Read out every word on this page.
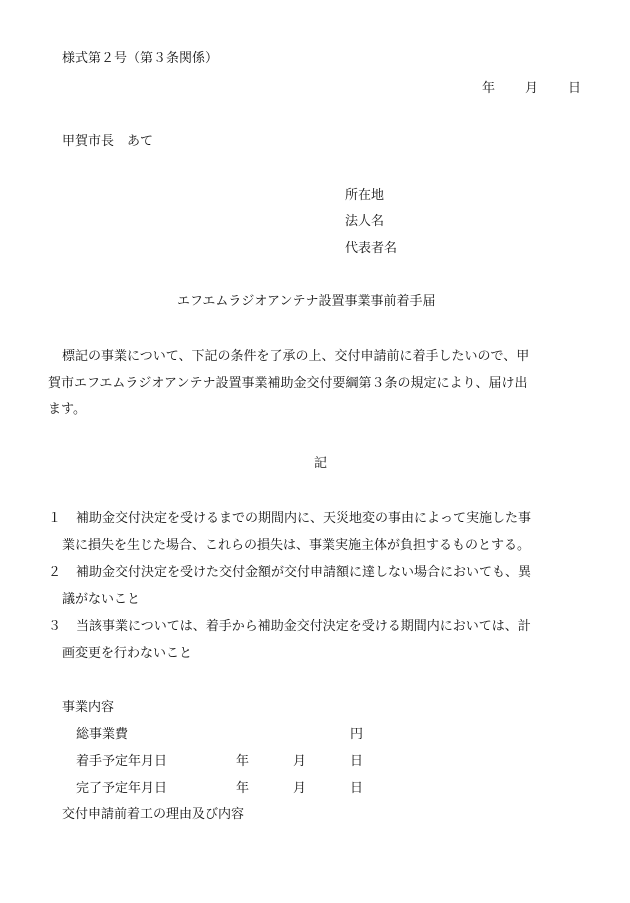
様式第２号（第３条関係）
年 月 日
甲賀市長　あて
所在地
法人名
代表者名
エフエムラジオアンテナ設置事業事前着手届
標記の事業について、下記の条件を了承の上、交付申請前に着手したいので、甲
賀市エフエムラジオアンテナ設置事業補助金交付要綱第３条の規定により、届け出
ます。
記
１ 補助金交付決定を受けるまでの期間内に、天災地変の事由によって実施した事
業に損失を生じた場合、これらの損失は、事業実施主体が負担するものとする。
２ 補助金交付決定を受けた交付金額が交付申請額に達しない場合においても、異
議がないこと
３ 当該事業については、着手から補助金交付決定を受ける期間内においては、計
画変更を行わないこと
事業内容
総事業費	円
着手予定年月日	年	月	日
完了予定年月日	年	月	日
交付申請前着工の理由及び内容
